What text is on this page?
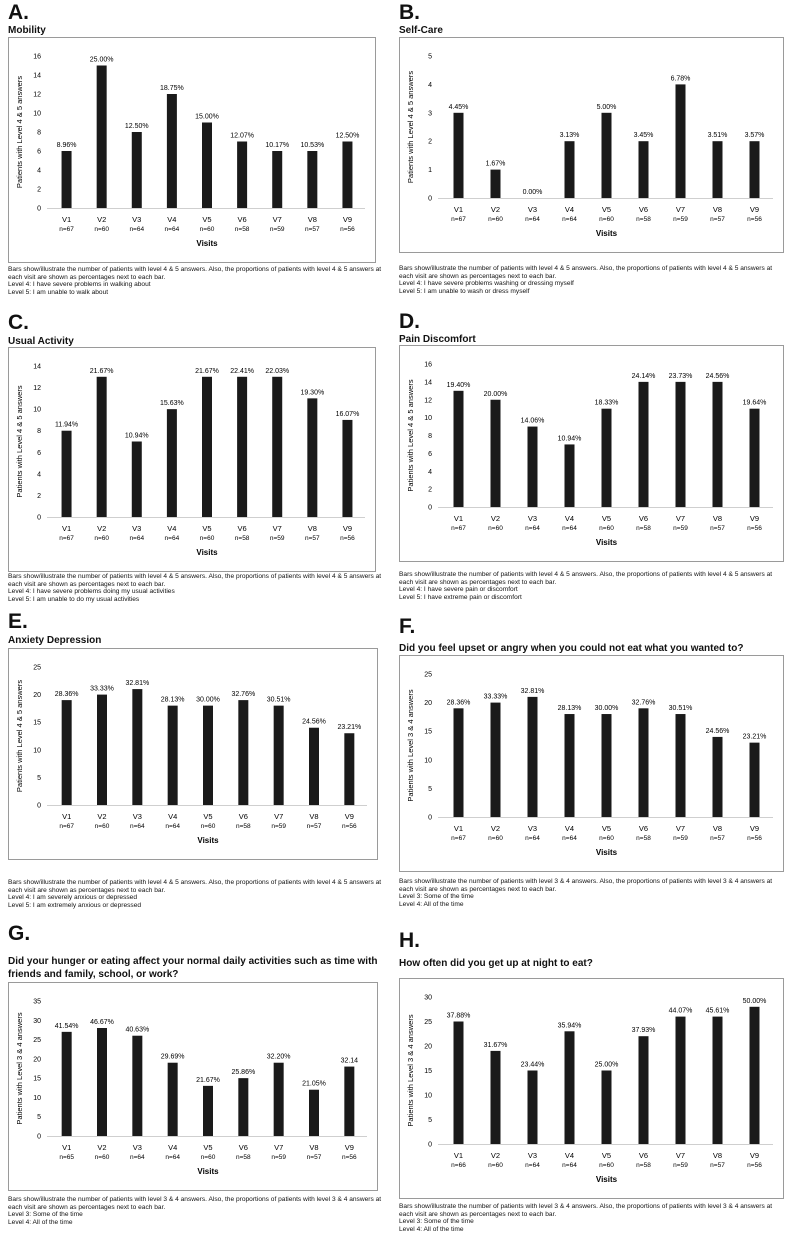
A.
Mobility
Patients with Level 4 & 5 answers
0
2
4
6
8
10
12
14
16
8.96%
V1
n=67
25.00%
V2
n=60
12.50%
V3
n=64
18.75%
V4
n=64
15.00%
V5
n=60
12.07%
V6
n=58
10.17%
V7
n=59
10.53%
V8
n=57
12.50%
V9
n=56
Visits
Bars show/illustrate the number of patients with level 4 & 5 answers. Also, the proportions of patients with level 4 & 5 answers at
each visit are shown as percentages next to each bar.
Level 4: I have severe problems in walking about
Level 5: I am unable to walk about
B.
Self-Care
Patients with Level 4 & 5 answers
0
1
2
3
4
5
4.45%
V1
n=67
1.67%
V2
n=60
0.00%
V3
n=64
3.13%
V4
n=64
5.00%
V5
n=60
3.45%
V6
n=58
6.78%
V7
n=59
3.51%
V8
n=57
3.57%
V9
n=56
Visits
Bars show/illustrate the number of patients with level 4 & 5 answers. Also, the proportions of patients with level 4 & 5 answers at
each visit are shown as percentages next to each bar.
Level 4: I have severe problems washing or dressing myself
Level 5: I am unable to wash or dress myself
C.
Usual Activity
Patients with Level 4 & 5 answers
0
2
4
6
8
10
12
14
11.94%
V1
n=67
21.67%
V2
n=60
10.94%
V3
n=64
15.63%
V4
n=64
21.67%
V5
n=60
22.41%
V6
n=58
22.03%
V7
n=59
19.30%
V8
n=57
16.07%
V9
n=56
Visits
Bars show/illustrate the number of patients with level 4 & 5 answers. Also, the proportions of patients with level 4 & 5 answers at
each visit are shown as percentages next to each bar.
Level 4: I have severe problems doing my usual activities
Level 5: I am unable to do my usual activities
D.
Pain Discomfort
Patients with Level 4 & 5 answers
0
2
4
6
8
10
12
14
16
19.40%
V1
n=67
20.00%
V2
n=60
14.06%
V3
n=64
10.94%
V4
n=64
18.33%
V5
n=60
24.14%
V6
n=58
23.73%
V7
n=59
24.56%
V8
n=57
19.64%
V9
n=56
Visits
Bars show/illustrate the number of patients with level 4 & 5 answers. Also, the proportions of patients with level 4 & 5 answers at
each visit are shown as percentages next to each bar.
Level 4: I have severe pain or discomfort
Level 5: I have extreme pain or discomfort
E.
Anxiety Depression
Patients with Level 4 & 5 answers
0
5
10
15
20
25
28.36%
V1
n=67
33.33%
V2
n=60
32.81%
V3
n=64
28.13%
V4
n=64
30.00%
V5
n=60
32.76%
V6
n=58
30.51%
V7
n=59
24.56%
V8
n=57
23.21%
V9
n=56
Visits
Bars show/illustrate the number of patients with level 4 & 5 answers. Also, the proportions of patients with level 4 & 5 answers at
each visit are shown as percentages next to each bar.
Level 4: I am severely anxious or depressed
Level 5: I am extremely anxious or depressed
F.
Did you feel upset or angry when you could not eat what you wanted to?
Patients with Level 3 & 4 answers
0
5
10
15
20
25
28.36%
V1
n=67
33.33%
V2
n=60
32.81%
V3
n=64
28.13%
V4
n=64
30.00%
V5
n=60
32.76%
V6
n=58
30.51%
V7
n=59
24.56%
V8
n=57
23.21%
V9
n=56
Visits
Bars show/illustrate the number of patients with level 3 & 4 answers. Also, the proportions of patients with level 3 & 4 answers at
each visit are shown as percentages next to each bar.
Level 3: Some of the time
Level 4: All of the time
G.
Did your hunger or eating affect your normal daily activities such as time with friends and family, school, or work?
Patients with Level 3 & 4 answers
0
5
10
15
20
25
30
35
41.54%
V1
n=65
46.67%
V2
n=60
40.63%
V3
n=64
29.69%
V4
n=64
21.67%
V5
n=60
25.86%
V6
n=58
32.20%
V7
n=59
21.05%
V8
n=57
32.14
V9
n=56
Visits
Bars show/illustrate the number of patients with level 3 & 4 answers. Also, the proportions of patients with level 3 & 4 answers at
each visit are shown as percentages next to each bar.
Level 3: Some of the time
Level 4: All of the time
H.
How often did you get up at night to eat?
Patients with Level 3 & 4 answers
0
5
10
15
20
25
30
37.88%
V1
n=66
31.67%
V2
n=60
23.44%
V3
n=64
35.94%
V4
n=64
25.00%
V5
n=60
37.93%
V6
n=58
44.07%
V7
n=59
45.61%
V8
n=57
50.00%
V9
n=56
Visits
Bars show/illustrate the number of patients with level 3 & 4 answers. Also, the proportions of patients with level 3 & 4 answers at
each visit are shown as percentages next to each bar.
Level 3: Some of the time
Level 4: All of the time
